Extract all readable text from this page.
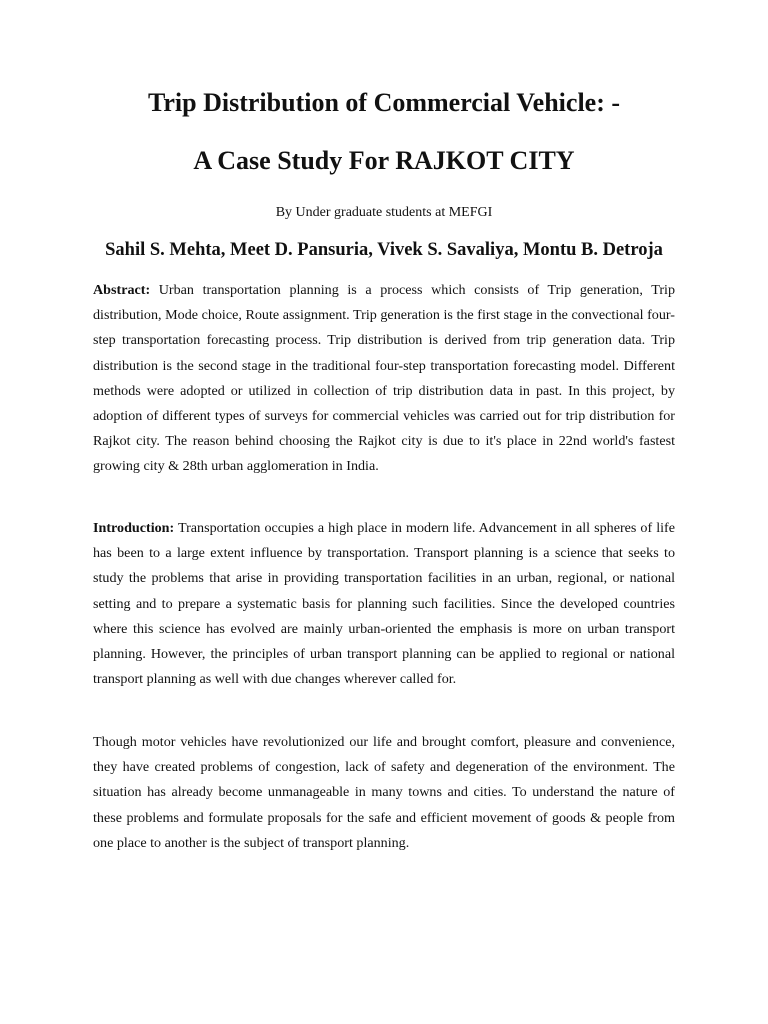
Trip Distribution of Commercial Vehicle: -
A Case Study For RAJKOT CITY
By Under graduate students at MEFGI
Sahil S. Mehta, Meet D. Pansuria, Vivek S. Savaliya, Montu B. Detroja

Abstract: Urban transportation planning is a process which consists of Trip generation, Trip distribution, Mode choice, Route assignment. Trip generation is the first stage in the convectional four-step transportation forecasting process. Trip distribution is derived from trip generation data. Trip distribution is the second stage in the traditional four-step transportation forecasting model. Different methods were adopted or utilized in collection of trip distribution data in past. In this project, by adoption of different types of surveys for commercial vehicles was carried out for trip distribution for Rajkot city. The reason behind choosing the Rajkot city is due to it's place in 22nd world's fastest growing city & 28th urban agglomeration in India.

Introduction: Transportation occupies a high place in modern life. Advancement in all spheres of life has been to a large extent influence by transportation. Transport planning is a science that seeks to study the problems that arise in providing transportation facilities in an urban, regional, or national setting and to prepare a systematic basis for planning such facilities. Since the developed countries where this science has evolved are mainly urban-oriented the emphasis is more on urban transport planning. However, the principles of urban transport planning can be applied to regional or national transport planning as well with due changes wherever called for.

Though motor vehicles have revolutionized our life and brought comfort, pleasure and convenience, they have created problems of congestion, lack of safety and degeneration of the environment. The situation has already become unmanageable in many towns and cities. To understand the nature of these problems and formulate proposals for the safe and efficient movement of goods & people from one place to another is the subject of transport planning.
